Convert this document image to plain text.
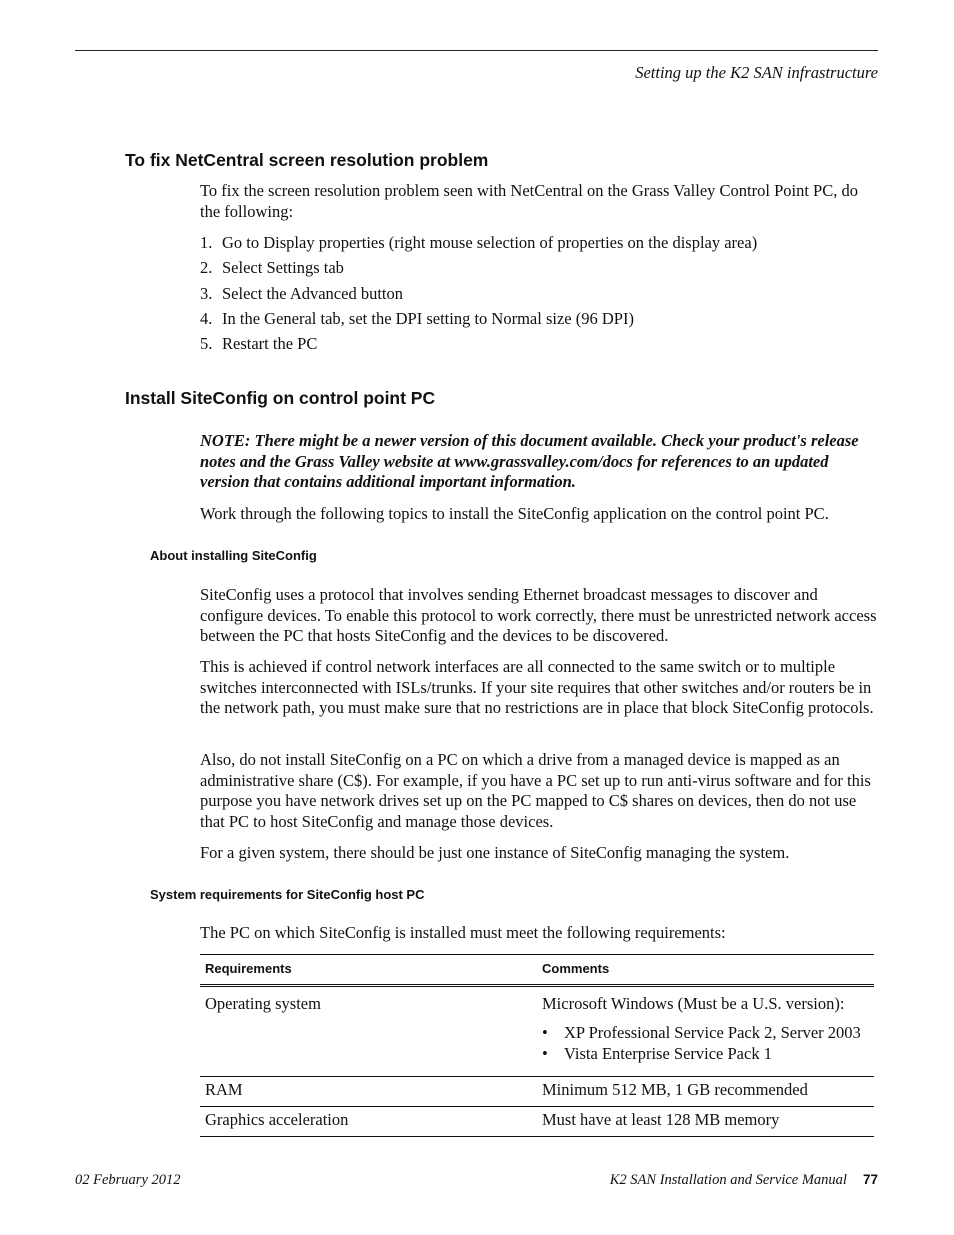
Setting up the K2 SAN infrastructure
To fix NetCentral screen resolution problem
To fix the screen resolution problem seen with NetCentral on the Grass Valley Control Point PC, do the following:
1. Go to Display properties (right mouse selection of properties on the display area)
2. Select Settings tab
3. Select the Advanced button
4. In the General tab, set the DPI setting to Normal size (96 DPI)
5. Restart the PC
Install SiteConfig on control point PC
NOTE: There might be a newer version of this document available. Check your product's release notes and the Grass Valley website at www.grassvalley.com/docs for references to an updated version that contains additional important information.
Work through the following topics to install the SiteConfig application on the control point PC.
About installing SiteConfig
SiteConfig uses a protocol that involves sending Ethernet broadcast messages to discover and configure devices. To enable this protocol to work correctly, there must be unrestricted network access between the PC that hosts SiteConfig and the devices to be discovered.
This is achieved if control network interfaces are all connected to the same switch or to multiple switches interconnected with ISLs/trunks. If your site requires that other switches and/or routers be in the network path, you must make sure that no restrictions are in place that block SiteConfig protocols.
Also, do not install SiteConfig on a PC on which a drive from a managed device is mapped as an administrative share (C$). For example, if you have a PC set up to run anti-virus software and for this purpose you have network drives set up on the PC mapped to C$ shares on devices, then do not use that PC to host SiteConfig and manage those devices.
For a given system, there should be just one instance of SiteConfig managing the system.
System requirements for SiteConfig host PC
The PC on which SiteConfig is installed must meet the following requirements:
Requirements	Comments
Operating system	Microsoft Windows (Must be a U.S. version):
• XP Professional Service Pack 2, Server 2003
• Vista Enterprise Service Pack 1
RAM	Minimum 512 MB, 1 GB recommended
Graphics acceleration	Must have at least 128 MB memory
02 February 2012	K2 SAN Installation and Service Manual 77
